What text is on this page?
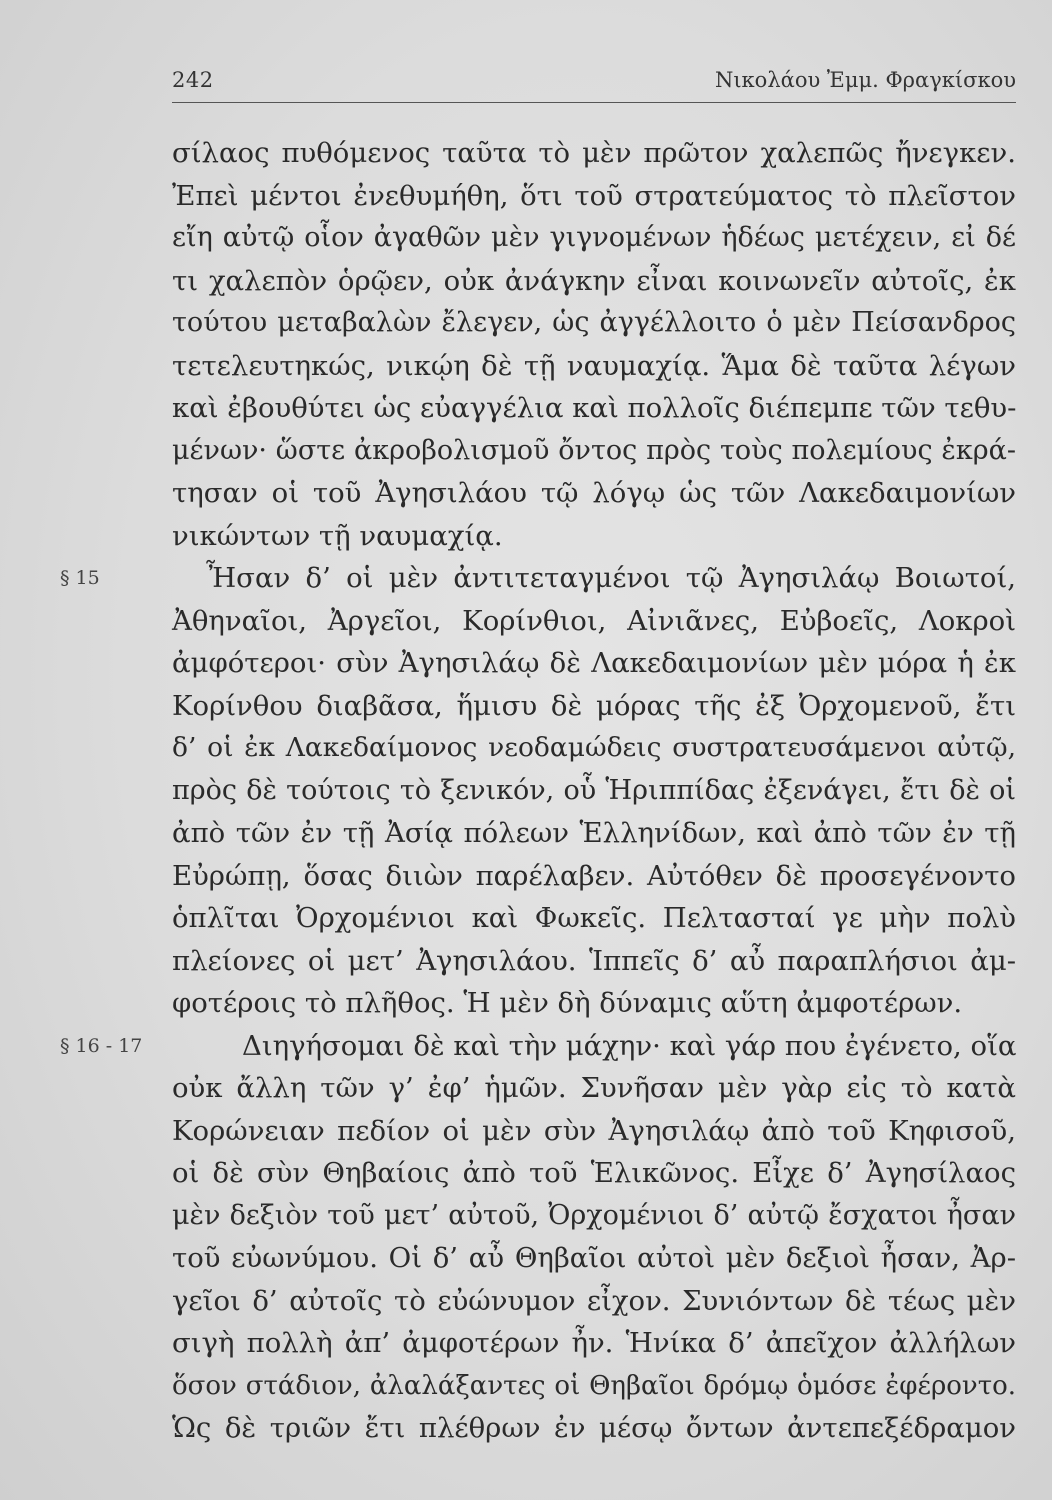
242	Νικολάου Ἐμμ. Φραγκίσκου
σίλαος πυθόμενος ταῦτα τὸ μὲν πρῶτον χαλεπῶς ἤνεγκεν.
Ἐπεὶ μέντοι ἐνεθυμήθη, ὅτι τοῦ στρατεύματος τὸ πλεῖστον
εἴη αὐτῷ οἷον ἀγαθῶν μὲν γιγνομένων ἡδέως μετέχειν, εἰ δέ
τι χαλεπὸν ὁρῷεν, οὐκ ἀνάγκην εἶναι κοινωνεῖν αὐτοῖς, ἐκ
τούτου μεταβαλὼν ἔλεγεν, ὡς ἀγγέλλοιτο ὁ μὲν Πείσανδρος
τετελευτηκώς, νικῴη δὲ τῇ ναυμαχίᾳ. Ἅμα δὲ ταῦτα λέγων
καὶ ἐβουθύτει ὡς εὐαγγέλια καὶ πολλοῖς διέπεμπε τῶν τεθυ-
μένων· ὥστε ἀκροβολισμοῦ ὄντος πρὸς τοὺς πολεμίους ἐκρά-
τησαν οἱ τοῦ Ἀγησιλάου τῷ λόγῳ ὡς τῶν Λακεδαιμονίων
νικώντων τῇ ναυμαχίᾳ.
§ 15	Ἦσαν δ’ οἱ μὲν ἀντιτεταγμένοι τῷ Ἀγησιλάῳ Βοιωτοί,
Ἀθηναῖοι, Ἀργεῖοι, Κορίνθιοι, Αἰνιᾶνες, Εὐβοεῖς, Λοκροὶ
ἀμφότεροι· σὺν Ἀγησιλάῳ δὲ Λακεδαιμονίων μὲν μόρα ἡ ἐκ
Κορίνθου διαβᾶσα, ἥμισυ δὲ μόρας τῆς ἐξ Ὀρχομενοῦ, ἔτι
δ’ οἱ ἐκ Λακεδαίμονος νεοδαμώδεις συστρατευσάμενοι αὐτῷ,
πρὸς δὲ τούτοις τὸ ξενικόν, οὗ Ἡριππίδας ἐξενάγει, ἔτι δὲ οἱ
ἀπὸ τῶν ἐν τῇ Ἀσίᾳ πόλεων Ἑλληνίδων, καὶ ἀπὸ τῶν ἐν τῇ
Εὐρώπῃ, ὅσας διιὼν παρέλαβεν. Αὐτόθεν δὲ προσεγένοντο
ὁπλῖται Ὀρχομένιοι καὶ Φωκεῖς. Πελτασταί γε μὴν πολὺ
πλείονες οἱ μετ’ Ἀγησιλάου. Ἱππεῖς δ’ αὖ παραπλήσιοι ἀμ-
φοτέροις τὸ πλῆθος. Ἡ μὲν δὴ δύναμις αὕτη ἀμφοτέρων.
§ 16 - 17	Διηγήσομαι δὲ καὶ τὴν μάχην· καὶ γάρ που ἐγένετο, οἵα
οὐκ ἄλλη τῶν γ’ ἐφ’ ἡμῶν. Συνῆσαν μὲν γὰρ εἰς τὸ κατὰ
Κορώνειαν πεδίον οἱ μὲν σὺν Ἀγησιλάῳ ἀπὸ τοῦ Κηφισοῦ,
οἱ δὲ σὺν Θηβαίοις ἀπὸ τοῦ Ἑλικῶνος. Εἶχε δ’ Ἀγησίλαος
μὲν δεξιὸν τοῦ μετ’ αὐτοῦ, Ὀρχομένιοι δ’ αὐτῷ ἔσχατοι ἦσαν
τοῦ εὐωνύμου. Οἱ δ’ αὖ Θηβαῖοι αὐτοὶ μὲν δεξιοὶ ἦσαν, Ἀρ-
γεῖοι δ’ αὐτοῖς τὸ εὐώνυμον εἶχον. Συνιόντων δὲ τέως μὲν
σιγὴ πολλὴ ἀπ’ ἀμφοτέρων ἦν. Ἡνίκα δ’ ἀπεῖχον ἀλλήλων
ὅσον στάδιον, ἀλαλάξαντες οἱ Θηβαῖοι δρόμῳ ὁμόσε ἐφέροντο.
Ὡς δὲ τριῶν ἔτι πλέθρων ἐν μέσῳ ὄντων ἀντεπεξέδραμον
